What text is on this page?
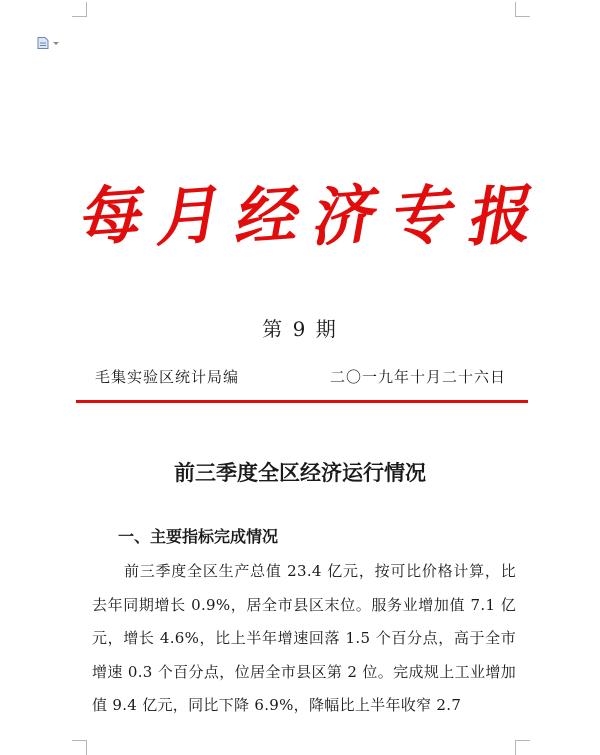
每 月 经 济 专 报
第 9 期
毛集实验区统计局编	二〇一九年十月二十六日
前三季度全区经济运行情况
一、主要指标完成情况
前三季度全区生产总值 23.4 亿元，按可比价格计算，比去年同期增长 0.9%，居全市县区末位。服务业增加值 7.1 亿元，增长 4.6%，比上半年增速回落 1.5 个百分点，高于全市增速 0.3 个百分点，位居全市县区第 2 位。完成规上工业增加值 9.4 亿元，同比下降 6.9%，降幅比上半年收窄 2.7
